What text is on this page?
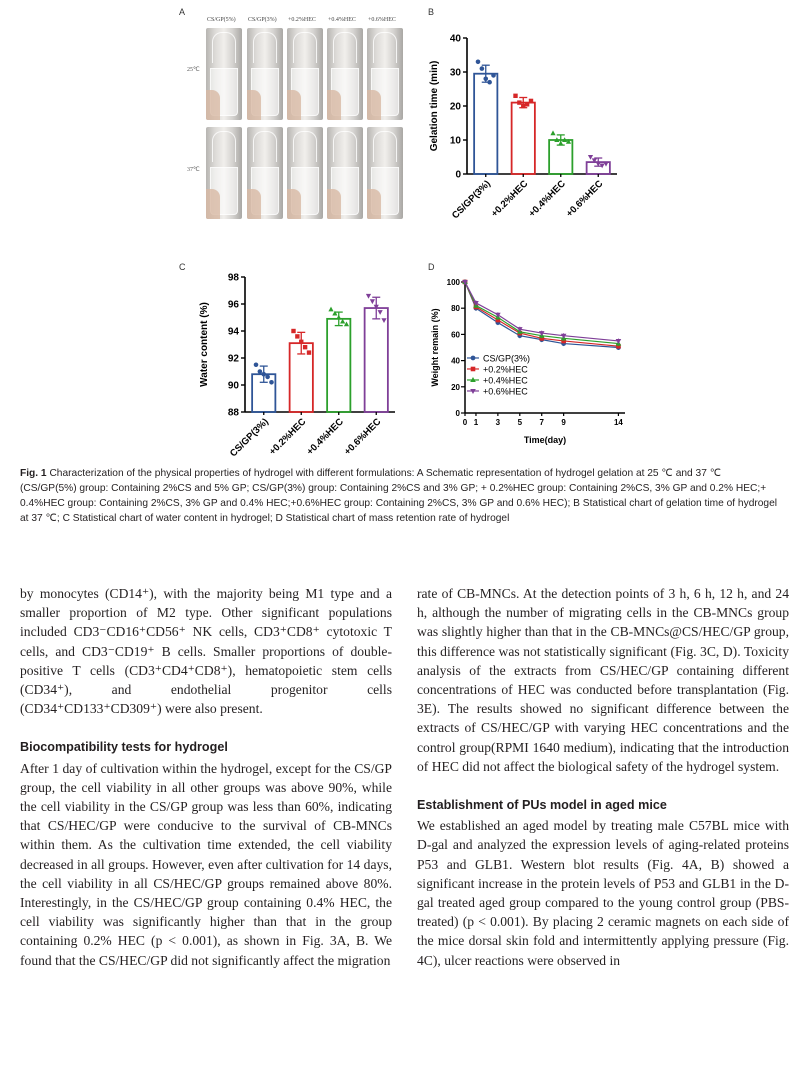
A
CS/GP(5%) CS/GP(3%) +0.2%HEC +0.4%HEC +0.6%HEC
25℃
37℃
B
0
10
20
30
40
Gelation time (min)
CS/GP(3%)
+0.2%HEC
+0.4%HEC
+0.6%HEC
C
88
90
92
94
96
98
Water content (%)
CS/GP(3%)
+0.2%HEC
+0.4%HEC
+0.6%HEC
D
0
20
40
60
80
100
0 1 3 5 7 9	14
Weight remain (%)
Time(day)
CS/GP(3%)
+0.2%HEC
+0.4%HEC
+0.6%HEC
Fig. 1 Characterization of the physical properties of hydrogel with different formulations: A Schematic representation of hydrogel gelation at 25 ℃ and 37 ℃ (CS/GP(5%) group: Containing 2%CS and 5% GP; CS/GP(3%) group: Containing 2%CS and 3% GP; + 0.2%HEC group: Containing 2%CS, 3% GP and 0.2% HEC;+ 0.4%HEC group: Containing 2%CS, 3% GP and 0.4% HEC;+0.6%HEC group: Containing 2%CS, 3% GP and 0.6% HEC); B Statistical chart of gelation time of hydrogel at 37 ℃; C Statistical chart of water content in hydrogel; D Statistical chart of mass retention rate of hydrogel

by monocytes (CD14⁺), with the majority being M1 type and a smaller proportion of M2 type. Other significant populations included CD3⁻CD16⁺CD56⁺ NK cells, CD3⁺CD8⁺ cytotoxic T cells, and CD3⁻CD19⁺ B cells. Smaller proportions of double-positive T cells (CD3⁺CD4⁺CD8⁺), hematopoietic stem cells (CD34⁺), and endothelial progenitor cells (CD34⁺CD133⁺CD309⁺) were also present.

Biocompatibility tests for hydrogel

After 1 day of cultivation within the hydrogel, except for the CS/GP group, the cell viability in all other groups was above 90%, while the cell viability in the CS/GP group was less than 60%, indicating that CS/HEC/GP were conducive to the survival of CB-MNCs within them. As the cultivation time extended, the cell viability decreased in all groups. However, even after cultivation for 14 days, the cell viability in all CS/HEC/GP groups remained above 80%. Interestingly, in the CS/HEC/GP group containing 0.4% HEC, the cell viability was significantly higher than that in the group containing 0.2% HEC (p < 0.001), as shown in Fig. 3A, B. We found that the CS/HEC/GP did not significantly affect the migration

rate of CB-MNCs. At the detection points of 3 h, 6 h, 12 h, and 24 h, although the number of migrating cells in the CB-MNCs group was slightly higher than that in the CB-MNCs@CS/HEC/GP group, this difference was not statistically significant (Fig. 3C, D). Toxicity analysis of the extracts from CS/HEC/GP containing different concentrations of HEC was conducted before transplantation (Fig. 3E). The results showed no significant difference between the extracts of CS/HEC/GP with varying HEC concentrations and the control group(RPMI 1640 medium), indicating that the introduction of HEC did not affect the biological safety of the hydrogel system.

Establishment of PUs model in aged mice

We established an aged model by treating male C57BL mice with D-gal and analyzed the expression levels of aging-related proteins P53 and GLB1. Western blot results (Fig. 4A, B) showed a significant increase in the protein levels of P53 and GLB1 in the D-gal treated aged group compared to the young control group (PBS-treated) (p < 0.001). By placing 2 ceramic magnets on each side of the mice dorsal skin fold and intermittently applying pressure (Fig. 4C), ulcer reactions were observed in
